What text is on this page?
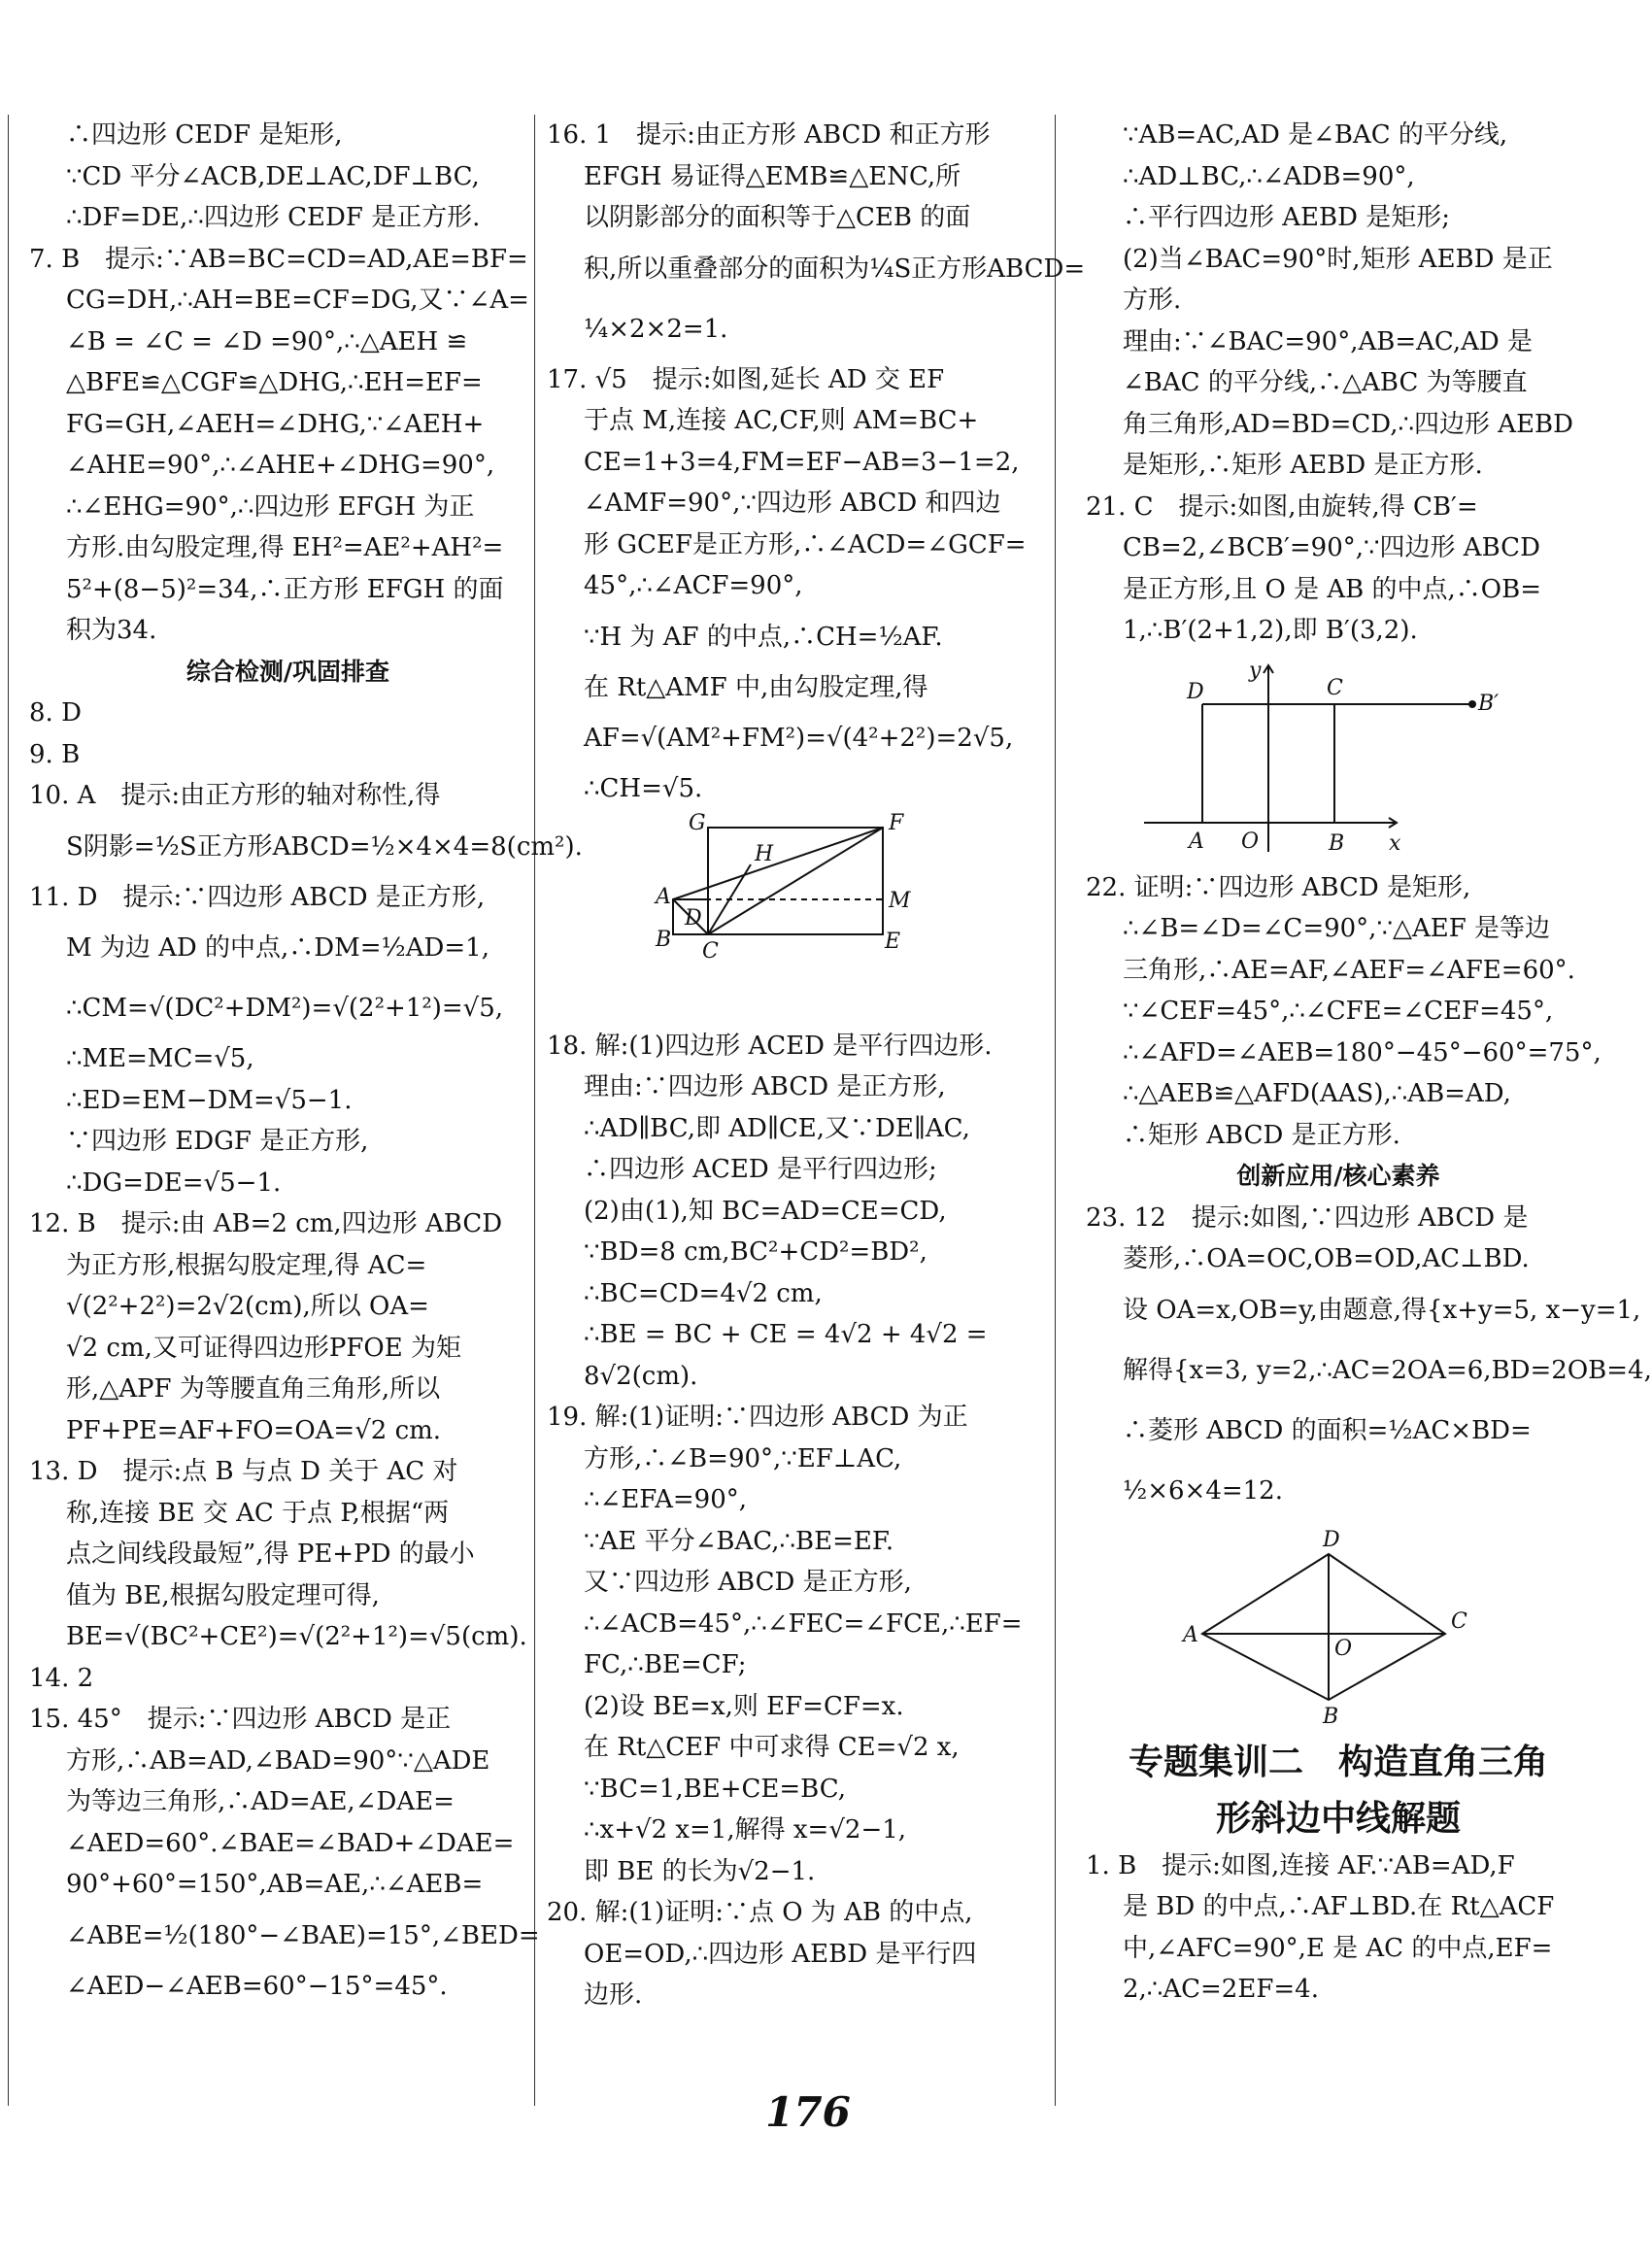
∴四边形 CEDF 是矩形,
∵CD 平分∠ACB,DE⊥AC,DF⊥BC,
∴DF=DE,∴四边形 CEDF 是正方形.
7. B　提示:∵AB=BC=CD=AD,AE=BF=
CG=DH,∴AH=BE=CF=DG,又∵∠A=
∠B = ∠C = ∠D =90°,∴△AEH ≌
△BFE≌△CGF≌△DHG,∴EH=EF=
FG=GH,∠AEH=∠DHG,∵∠AEH+
∠AHE=90°,∴∠AHE+∠DHG=90°,
∴∠EHG=90°,∴四边形 EFGH 为正
方形.由勾股定理,得 EH²=AE²+AH²=
5²+(8−5)²=34,∴正方形 EFGH 的面
积为34.
综合检测/巩固排查
8. D
9. B
10. A　提示:由正方形的轴对称性,得
S阴影=½S正方形ABCD=½×4×4=8(cm²).
11. D　提示:∵四边形 ABCD 是正方形,
M 为边 AD 的中点,∴DM=½AD=1,
∴CM=√(DC²+DM²)=√(2²+1²)=√5,
∴ME=MC=√5,
∴ED=EM−DM=√5−1.
∵四边形 EDGF 是正方形,
∴DG=DE=√5−1.
12. B　提示:由 AB=2 cm,四边形 ABCD
为正方形,根据勾股定理,得 AC=
√(2²+2²)=2√2(cm),所以 OA=
√2 cm,又可证得四边形PFOE 为矩
形,△APF 为等腰直角三角形,所以
PF+PE=AF+FO=OA=√2 cm.
13. D　提示:点 B 与点 D 关于 AC 对
称,连接 BE 交 AC 于点 P,根据“两
点之间线段最短”,得 PE+PD 的最小
值为 BE,根据勾股定理可得,
BE=√(BC²+CE²)=√(2²+1²)=√5(cm).
14. 2
15. 45°　提示:∵四边形 ABCD 是正
方形,∴AB=AD,∠BAD=90°∵△ADE
为等边三角形,∴AD=AE,∠DAE=
∠AED=60°.∠BAE=∠BAD+∠DAE=
90°+60°=150°,AB=AE,∴∠AEB=
∠ABE=½(180°−∠BAE)=15°,∠BED=
∠AED−∠AEB=60°−15°=45°.
16. 1　提示:由正方形 ABCD 和正方形
EFGH 易证得△EMB≌△ENC,所
以阴影部分的面积等于△CEB 的面
积,所以重叠部分的面积为¼S正方形ABCD=
¼×2×2=1.
17. √5　提示:如图,延长 AD 交 EF
于点 M,连接 AC,CF,则 AM=BC+
CE=1+3=4,FM=EF−AB=3−1=2,
∠AMF=90°,∵四边形 ABCD 和四边
形 GCEF是正方形,∴∠ACD=∠GCF=
45°,∴∠ACF=90°,
∵H 为 AF 的中点,∴CH=½AF.
在 Rt△AMF 中,由勾股定理,得
AF=√(AM²+FM²)=√(4²+2²)=2√5,
∴CH=√5.
G	F
H
A
D
M
B C	E
18. 解:(1)四边形 ACED 是平行四边形.
理由:∵四边形 ABCD 是正方形,
∴AD∥BC,即 AD∥CE,又∵DE∥AC,
∴四边形 ACED 是平行四边形;
(2)由(1),知 BC=AD=CE=CD,
∵BD=8 cm,BC²+CD²=BD²,
∴BC=CD=4√2 cm,
∴BE = BC + CE = 4√2 + 4√2 =
8√2(cm).
19. 解:(1)证明:∵四边形 ABCD 为正
方形,∴∠B=90°,∵EF⊥AC,
∴∠EFA=90°,
∵AE 平分∠BAC,∴BE=EF.
又∵四边形 ABCD 是正方形,
∴∠ACB=45°,∴∠FEC=∠FCE,∴EF=
FC,∴BE=CF;
(2)设 BE=x,则 EF=CF=x.
在 Rt△CEF 中可求得 CE=√2 x,
∵BC=1,BE+CE=BC,
∴x+√2 x=1,解得 x=√2−1,
即 BE 的长为√2−1.
20. 解:(1)证明:∵点 O 为 AB 的中点,
OE=OD,∴四边形 AEBD 是平行四
边形.
∵AB=AC,AD 是∠BAC 的平分线,
∴AD⊥BC,∴∠ADB=90°,
∴平行四边形 AEBD 是矩形;
(2)当∠BAC=90°时,矩形 AEBD 是正
方形.
理由:∵∠BAC=90°,AB=AC,AD 是
∠BAC 的平分线,∴△ABC 为等腰直
角三角形,AD=BD=CD,∴四边形 AEBD
是矩形,∴矩形 AEBD 是正方形.
21. C　提示:如图,由旋转,得 CB′=
CB=2,∠BCB′=90°,∵四边形 ABCD
是正方形,且 O 是 AB 的中点,∴OB=
1,∴B′(2+1,2),即 B′(3,2).
y
D	C
B′
A O	B x
22. 证明:∵四边形 ABCD 是矩形,
∴∠B=∠D=∠C=90°,∵△AEF 是等边
三角形,∴AE=AF,∠AEF=∠AFE=60°.
∵∠CEF=45°,∴∠CFE=∠CEF=45°,
∴∠AFD=∠AEB=180°−45°−60°=75°,
∴△AEB≌△AFD(AAS),∴AB=AD,
∴矩形 ABCD 是正方形.
创新应用/核心素养
23. 12　提示:如图,∵四边形 ABCD 是
菱形,∴OA=OC,OB=OD,AC⊥BD.
设 OA=x,OB=y,由题意,得{x+y=5, x−y=1,
解得{x=3, y=2,∴AC=2OA=6,BD=2OB=4,
∴菱形 ABCD 的面积=½AC×BD=
½×6×4=12.
D
A
O
C
B
专题集训二　构造直角三角
形斜边中线解题
1. B　提示:如图,连接 AF.∵AB=AD,F
是 BD 的中点,∴AF⊥BD.在 Rt△ACF
中,∠AFC=90°,E 是 AC 的中点,EF=
2,∴AC=2EF=4.
176
